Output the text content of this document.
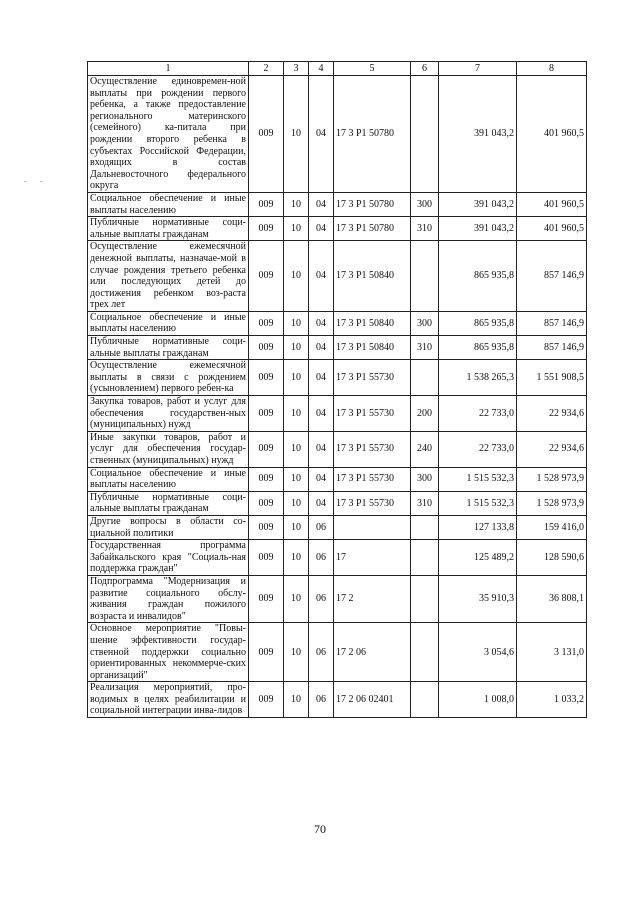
1	2	3	4	5	6	7	8
Осуществление единовремен-ной выплаты при рождении первого ребенка, а также предоставление регионального материнского (семейного) ка-питала при рождении второго ребенка в субъектах Российской Федерации, входящих в состав Дальневосточного федерального округа	009	10	04	17 3 P1 50780		391 043,2	401 960,5
Социальное обеспечение и иные выплаты населению	009	10	04	17 3 P1 50780	300	391 043,2	401 960,5
Публичные нормативные соци-альные выплаты гражданам	009	10	04	17 3 P1 50780	310	391 043,2	401 960,5
Осуществление ежемесячной денежной выплаты, назначае-мой в случае рождения третьего ребенка или последующих детей до достижения ребенком воз-раста трех лет	009	10	04	17 3 P1 50840		865 935,8	857 146,9
Социальное обеспечение и иные выплаты населению	009	10	04	17 3 P1 50840	300	865 935,8	857 146,9
Публичные нормативные соци-альные выплаты гражданам	009	10	04	17 3 P1 50840	310	865 935,8	857 146,9
Осуществление ежемесячной выплаты в связи с рождением (усыновлением) первого ребен-ка	009	10	04	17 3 P1 55730		1 538 265,3	1 551 908,5
Закупка товаров, работ и услуг для обеспечения государствен-ных (муниципальных) нужд	009	10	04	17 3 P1 55730	200	22 733,0	22 934,6
Иные закупки товаров, работ и услуг для обеспечения государ-ственных (муниципальных) нужд	009	10	04	17 3 P1 55730	240	22 733,0	22 934,6
Социальное обеспечение и иные выплаты населению	009	10	04	17 3 P1 55730	300	1 515 532,3	1 528 973,9
Публичные нормативные соци-альные выплаты гражданам	009	10	04	17 3 P1 55730	310	1 515 532,3	1 528 973,9
Другие вопросы в области со-циальной политики	009	10	06			127 133,8	159 416,0
Государственная программа Забайкальского края "Социаль-ная поддержка граждан"	009	10	06	17		125 489,2	128 590,6
Подпрограмма "Модернизация и развитие социального обслу-живания граждан пожилого возраста и инвалидов"	009	10	06	17 2		35 910,3	36 808,1
Основное мероприятие "Повы-шение эффективности государ-ственной поддержки социально ориентированных некоммерче-ских организаций"	009	10	06	17 2 06		3 054,6	3 131,0
Реализация мероприятий, про-водимых в целях реабилитации и социальной интеграции инва-лидов	009	10	06	17 2 06 02401		1 008,0	1 033,2
70
